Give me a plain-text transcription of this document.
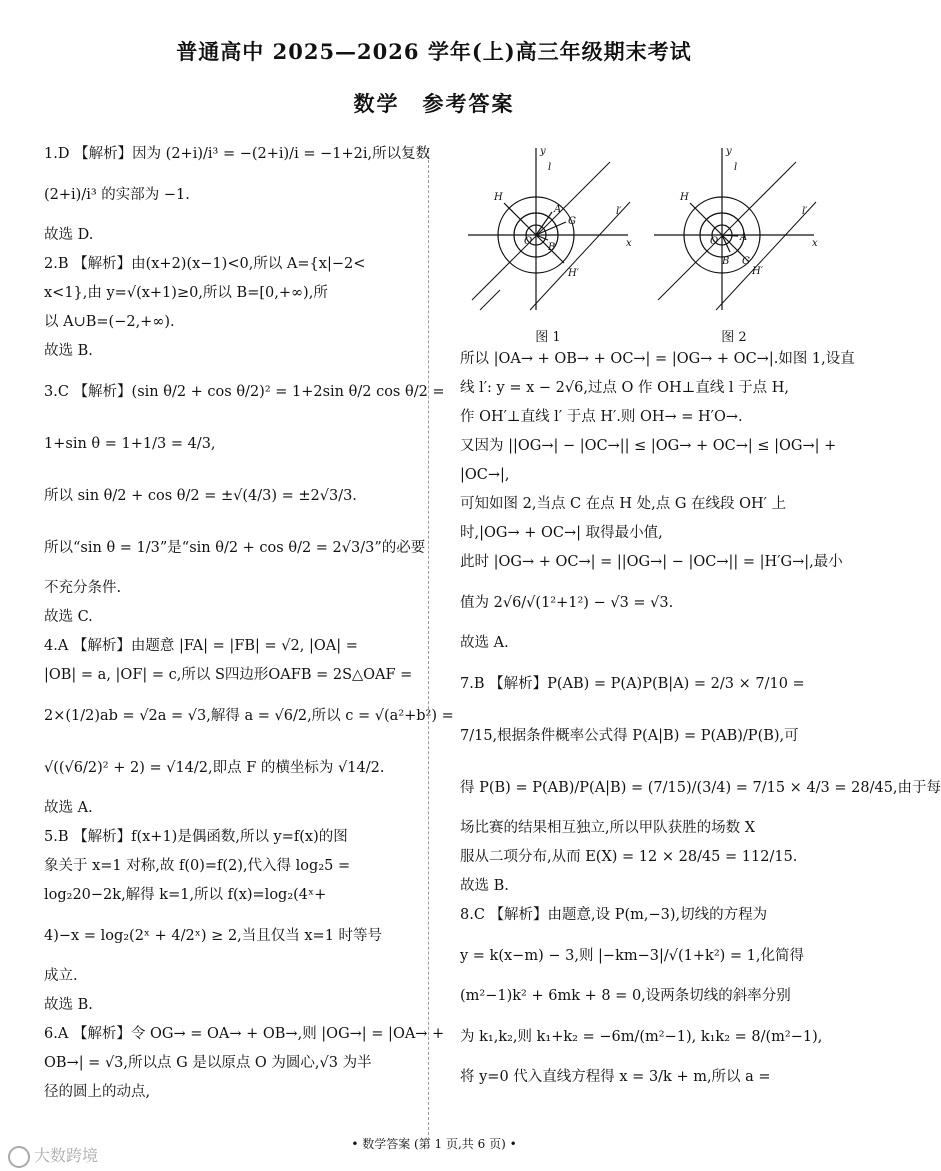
普通高中 2025—2026 学年(上)高三年级期末考试
数学　参考答案
1.D 【解析】因为 (2+i)/i³ = −(2+i)/i = −1+2i,所以复数
(2+i)/i³ 的实部为 −1.
故选 D.
2.B 【解析】由(x+2)(x−1)<0,所以 A={x|−2<
x<1},由 y=√(x+1)≥0,所以 B=[0,+∞),所
以 A∪B=(−2,+∞).
故选 B.
3.C 【解析】(sin θ/2 + cos θ/2)² = 1+2sin θ/2 cos θ/2 =
1+sin θ = 1+1/3 = 4/3,
所以 sin θ/2 + cos θ/2 = ±√(4/3) = ±2√3/3.
所以“sin θ = 1/3”是“sin θ/2 + cos θ/2 = 2√3/3”的必要
不充分条件.
故选 C.
4.A 【解析】由题意 |FA| = |FB| = √2, |OA| =
|OB| = a, |OF| = c,所以 S四边形OAFB = 2S△OAF =
2×(1/2)ab = √2a = √3,解得 a = √6/2,所以 c = √(a²+b²) =
√((√6/2)² + 2) = √14/2,即点 F 的横坐标为 √14/2.
故选 A.
5.B 【解析】f(x+1)是偶函数,所以 y=f(x)的图
象关于 x=1 对称,故 f(0)=f(2),代入得 log₂5 =
log₂20−2k,解得 k=1,所以 f(x)=log₂(4ˣ+
4)−x = log₂(2ˣ + 4/2ˣ) ≥ 2,当且仅当 x=1 时等号
成立.
故选 B.
6.A 【解析】令 OG→ = OA→ + OB→,则 |OG→| = |OA→ +
OB→| = √3,所以点 G 是以原点 O 为圆心,√3 为半
径的圆上的动点,
y
x
l
l′
H
H′
O
A
B
G
图 1
y
x
l
l′
H
H′
O A
B G
图 2
所以 |OA→ + OB→ + OC→| = |OG→ + OC→|.如图 1,设直
线 l′: y = x − 2√6,过点 O 作 OH⊥直线 l 于点 H,
作 OH′⊥直线 l′ 于点 H′.则 OH→ = H′O→.
又因为 ||OG→| − |OC→|| ≤ |OG→ + OC→| ≤ |OG→| +
|OC→|,
可知如图 2,当点 C 在点 H 处,点 G 在线段 OH′ 上
时,|OG→ + OC→| 取得最小值,
此时 |OG→ + OC→| = ||OG→| − |OC→|| = |H′G→|,最小
值为 2√6/√(1²+1²) − √3 = √3.
故选 A.
7.B 【解析】P(AB) = P(A)P(B|A) = 2/3 × 7/10 =
7/15,根据条件概率公式得 P(A|B) = P(AB)/P(B),可
得 P(B) = P(AB)/P(A|B) = (7/15)/(3/4) = 7/15 × 4/3 = 28/45,由于每
场比赛的结果相互独立,所以甲队获胜的场数 X
服从二项分布,从而 E(X) = 12 × 28/45 = 112/15.
故选 B.
8.C 【解析】由题意,设 P(m,−3),切线的方程为
y = k(x−m) − 3,则 |−km−3|/√(1+k²) = 1,化简得
(m²−1)k² + 6mk + 8 = 0,设两条切线的斜率分别
为 k₁,k₂,则 k₁+k₂ = −6m/(m²−1), k₁k₂ = 8/(m²−1),
将 y=0 代入直线方程得 x = 3/k + m,所以 a =
• 数学答案 (第 1 页,共 6 页) •
大数跨境
